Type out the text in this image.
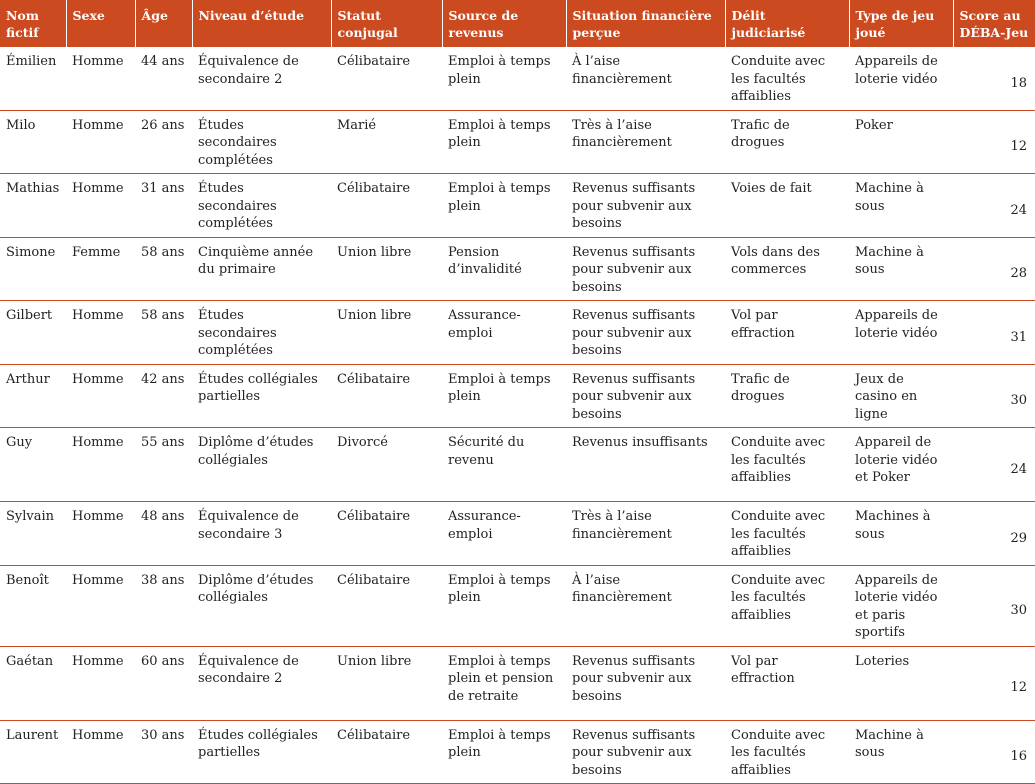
Nom fictif	Sexe	Âge	Niveau d’étude	Statut conjugal	Source de revenus	Situation financière perçue	Délit judiciarisé	Type de jeu joué	Score au DÉBA-Jeu
Émilien	Homme	44 ans	Équivalence de secondaire 2	Célibataire	Emploi à temps plein	À l’aise financièrement	Conduite avec les facultés affaiblies	Appareils de loterie vidéo	18
Milo	Homme	26 ans	Études secondaires complétées	Marié	Emploi à temps plein	Très à l’aise financièrement	Trafic de drogues	Poker	12
Mathias	Homme	31 ans	Études secondaires complétées	Célibataire	Emploi à temps plein	Revenus suffisants pour subvenir aux besoins	Voies de fait	Machine à sous	24
Simone	Femme	58 ans	Cinquième année du primaire	Union libre	Pension d’invalidité	Revenus suffisants pour subvenir aux besoins	Vols dans des commerces	Machine à sous	28
Gilbert	Homme	58 ans	Études secondaires complétées	Union libre	Assurance-emploi	Revenus suffisants pour subvenir aux besoins	Vol par effraction	Appareils de loterie vidéo	31
Arthur	Homme	42 ans	Études collégiales partielles	Célibataire	Emploi à temps plein	Revenus suffisants pour subvenir aux besoins	Trafic de drogues	Jeux de casino en ligne	30
Guy	Homme	55 ans	Diplôme d’études collégiales	Divorcé	Sécurité du revenu	Revenus insuffisants	Conduite avec les facultés affaiblies	Appareil de loterie vidéo et Poker	24
Sylvain	Homme	48 ans	Équivalence de secondaire 3	Célibataire	Assurance-emploi	Très à l’aise financièrement	Conduite avec les facultés affaiblies	Machines à sous	29
Benoît	Homme	38 ans	Diplôme d’études collégiales	Célibataire	Emploi à temps plein	À l’aise financièrement	Conduite avec les facultés affaiblies	Appareils de loterie vidéo et paris sportifs	30
Gaétan	Homme	60 ans	Équivalence de secondaire 2	Union libre	Emploi à temps plein et pension de retraite	Revenus suffisants pour subvenir aux besoins	Vol par effraction	Loteries	12
Laurent	Homme	30 ans	Études collégiales partielles	Célibataire	Emploi à temps plein	Revenus suffisants pour subvenir aux besoins	Conduite avec les facultés affaiblies	Machine à sous	16
